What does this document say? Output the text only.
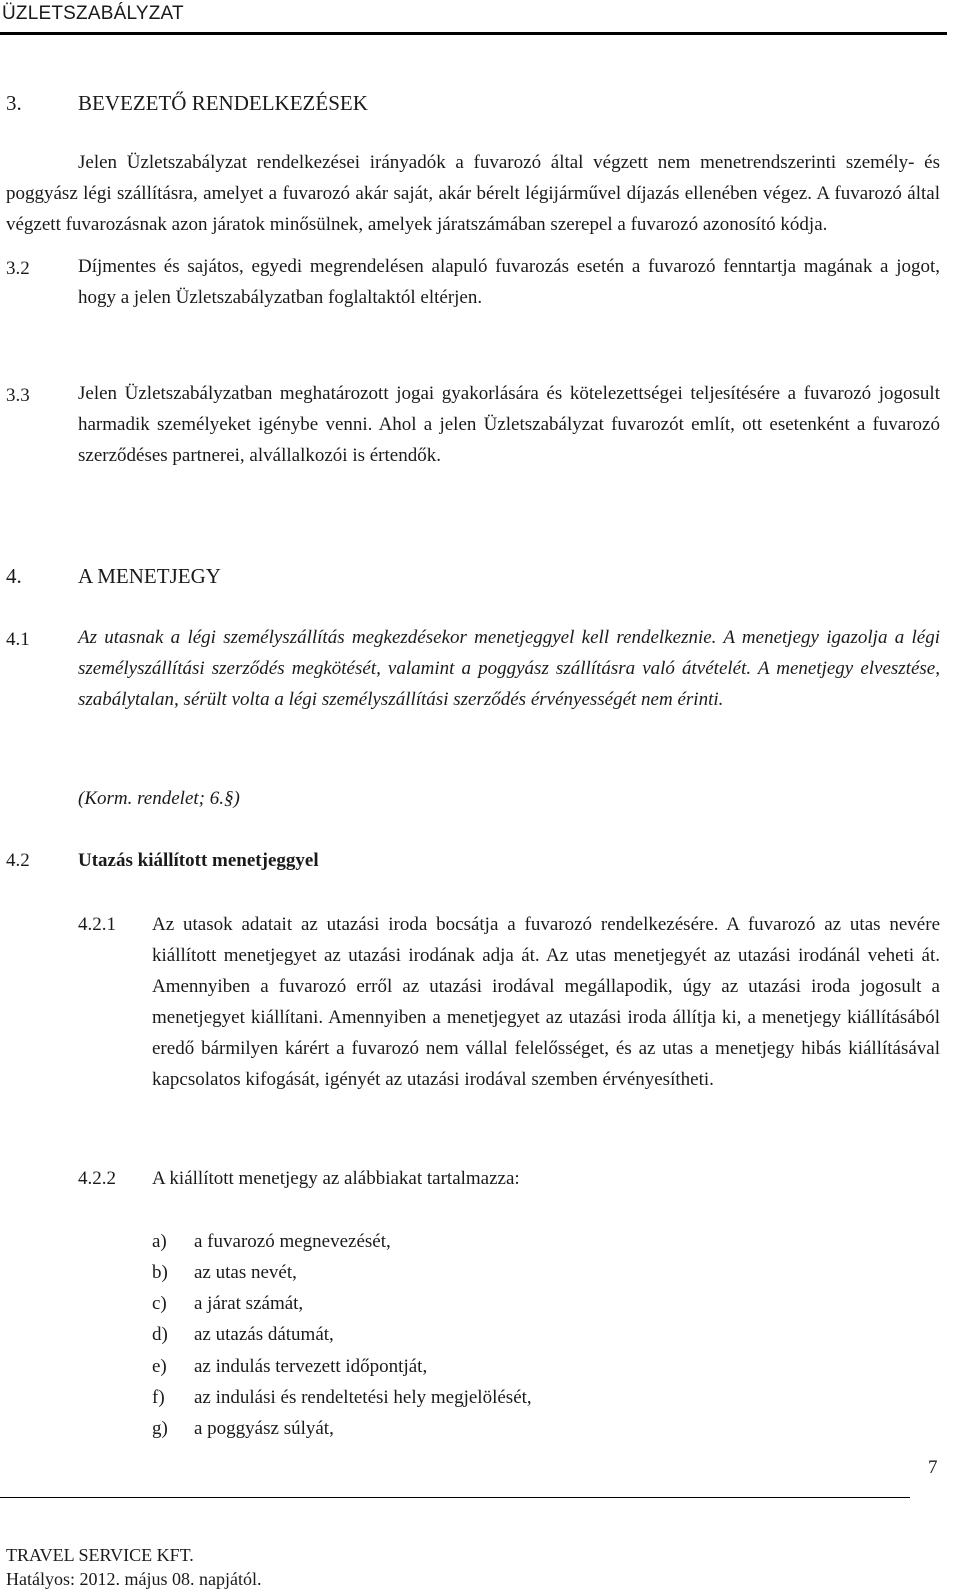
ÜZLETSZABÁLYZAT
3.	BEVEZETŐ RENDELKEZÉSEK

Jelen Üzletszabályzat rendelkezései irányadók a fuvarozó által végzett nem menetrendszerinti személy- és poggyász légi szállításra, amelyet a fuvarozó akár saját, akár bérelt légijárművel díjazás ellenében végez. A fuvarozó által végzett fuvarozásnak azon járatok minősülnek, amelyek járatszámában szerepel a fuvarozó azonosító kódja.

3.2	Díjmentes és sajátos, egyedi megrendelésen alapuló fuvarozás esetén a fuvarozó fenntartja magának a jogot, hogy a jelen Üzletszabályzatban foglaltaktól eltérjen.

3.3	Jelen Üzletszabályzatban meghatározott jogai gyakorlására és kötelezettségei teljesítésére a fuvarozó jogosult harmadik személyeket igénybe venni. Ahol a jelen Üzletszabályzat fuvarozót említ, ott esetenként a fuvarozó szerződéses partnerei, alvállalkozói is értendők.

4.	A MENETJEGY
4.1	Az utasnak a légi személyszállítás megkezdésekor menetjeggyel kell rendelkeznie. A menetjegy igazolja a légi személyszállítási szerződés megkötését, valamint a poggyász szállításra való átvételét. A menetjegy elvesztése, szabálytalan, sérült volta a légi személyszállítási szerződés érvényességét nem érinti.

(Korm. rendelet; 6.§)
4.2	Utazás kiállított menetjeggyel
4.2.1 Az utasok adatait az utazási iroda bocsátja a fuvarozó rendelkezésére. A fuvarozó az utas nevére kiállított menetjegyet az utazási irodának adja át. Az utas menetjegyét az utazási irodánál veheti át. Amennyiben a fuvarozó erről az utazási irodával megállapodik, úgy az utazási iroda jogosult a menetjegyet kiállítani. Amennyiben a menetjegyet az utazási iroda állítja ki, a menetjegy kiállításából eredő bármilyen kárért a fuvarozó nem vállal felelősséget, és az utas a menetjegy hibás kiállításával kapcsolatos kifogását, igényét az utazási irodával szemben érvényesítheti.

4.2.2 A kiállított menetjegy az alábbiakat tartalmazza:
a) a fuvarozó megnevezését,
b) az utas nevét,
c) a járat számát,
d) az utazás dátumát,
e) az indulás tervezett időpontját,
f) az indulási és rendeltetési hely megjelölését,
g) a poggyász súlyát,
7
TRAVEL SERVICE KFT.
Hatályos: 2012. május 08. napjától.
